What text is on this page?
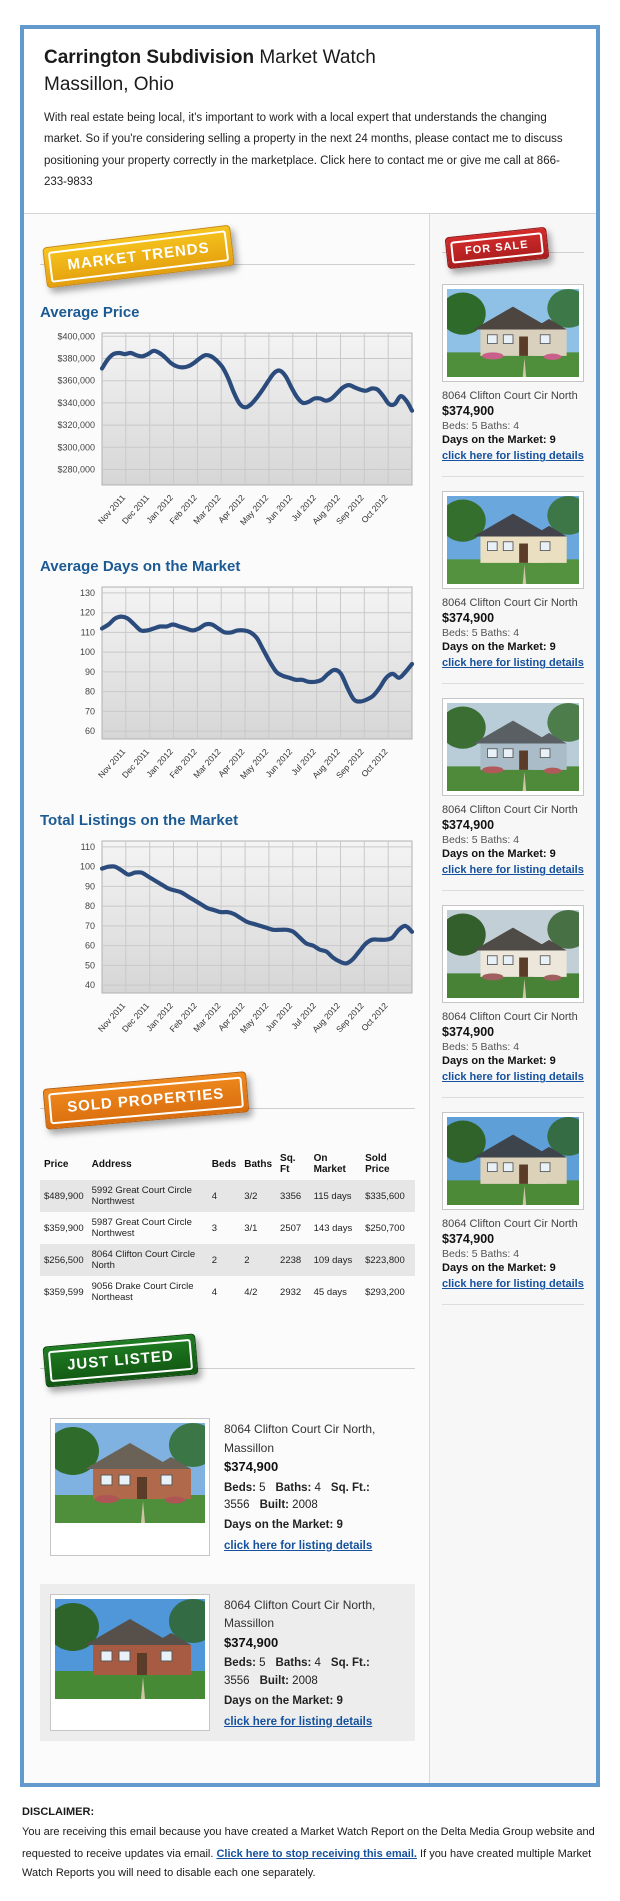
Carrington Subdivision Market Watch
Massillon, Ohio

With real estate being local, it's important to work with a local expert that understands the changing market. So if you're considering selling a property in the next 24 months, please contact me to discuss positioning your property correctly in the marketplace. Click here to contact me or give me call at 866-233-9833

MARKET TRENDS
Average Price
$280,000
$300,000
$320,000
$340,000
$360,000
$380,000
$400,000
Nov 2011
Dec 2011
Jan 2012
Feb 2012
Mar 2012
Apr 2012
May 2012
Jun 2012
Jul 2012
Aug 2012
Sep 2012
Oct 2012
Average Days on the Market
60
70
80
90
100
110
120
130
Nov 2011
Dec 2011
Jan 2012
Feb 2012
Mar 2012
Apr 2012
May 2012
Jun 2012
Jul 2012
Aug 2012
Sep 2012
Oct 2012
Total Listings on the Market
40
50
60
70
80
90
100
110
Nov 2011
Dec 2011
Jan 2012
Feb 2012
Mar 2012
Apr 2012
May 2012
Jun 2012
Jul 2012
Aug 2012
Sep 2012
Oct 2012
SOLD PROPERTIES
Price	Address	Beds	Baths	Sq. Ft	On Market	Sold Price
$489,900	5992 Great Court Circle Northwest	4	3/2	3356	115 days	$335,600
$359,900	5987 Great Court Circle Northwest	3	3/1	2507	143 days	$250,700
$256,500	8064 Clifton Court Circle North	2	2	2238	109 days	$223,800
$359,599	9056 Drake Court Circle Northeast	4	4/2	2932	45 days	$293,200
JUST LISTED
8064 Clifton Court Cir North, Massillon
$374,900
Beds: 5 Baths: 4 Sq. Ft.: 3556 Built: 2008
Days on the Market: 9
click here for listing details
8064 Clifton Court Cir North, Massillon
$374,900
Beds: 5 Baths: 4 Sq. Ft.: 3556 Built: 2008
Days on the Market: 9
click here for listing details
FOR SALE
8064 Clifton Court Cir North
$374,900
Beds: 5 Baths: 4
Days on the Market: 9
click here for listing details
8064 Clifton Court Cir North
$374,900
Beds: 5 Baths: 4
Days on the Market: 9
click here for listing details
8064 Clifton Court Cir North
$374,900
Beds: 5 Baths: 4
Days on the Market: 9
click here for listing details
8064 Clifton Court Cir North
$374,900
Beds: 5 Baths: 4
Days on the Market: 9
click here for listing details
8064 Clifton Court Cir North
$374,900
Beds: 5 Baths: 4
Days on the Market: 9
click here for listing details
DISCLAIMER:
You are receiving this email because you have created a Market Watch Report on the Delta Media Group website and requested to receive updates via email. Click here to stop receiving this email. If you have created multiple Market Watch Reports you will need to disable each one separately.
